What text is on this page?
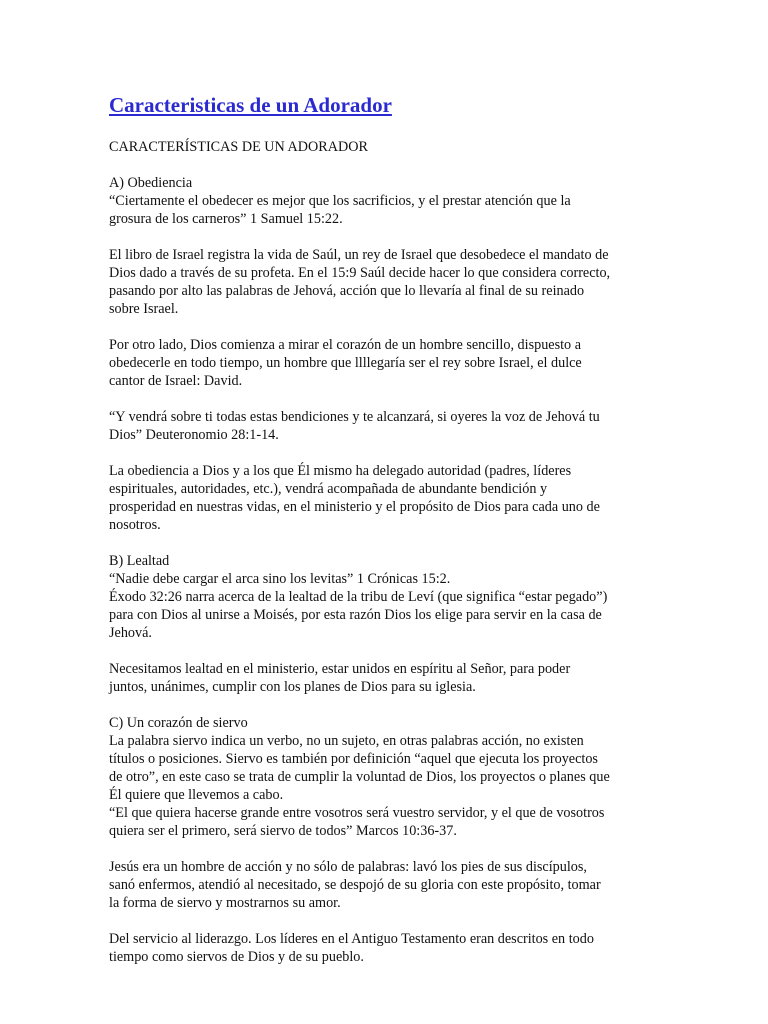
Caracteristicas de un Adorador
CARACTERÍSTICAS DE UN ADORADOR
A) Obediencia
“Ciertamente el obedecer es mejor que los sacrificios, y el prestar atención que la
grosura de los carneros” 1 Samuel 15:22.
El libro de Israel registra la vida de Saúl, un rey de Israel que desobedece el mandato de
Dios dado a través de su profeta. En el 15:9 Saúl decide hacer lo que considera correcto,
pasando por alto las palabras de Jehová, acción que lo llevaría al final de su reinado
sobre Israel.
Por otro lado, Dios comienza a mirar el corazón de un hombre sencillo, dispuesto a
obedecerle en todo tiempo, un hombre que llllegaría ser el rey sobre Israel, el dulce
cantor de Israel: David.
“Y vendrá sobre ti todas estas bendiciones y te alcanzará, si oyeres la voz de Jehová tu
Dios” Deuteronomio 28:1-14.
La obediencia a Dios y a los que Él mismo ha delegado autoridad (padres, líderes
espirituales, autoridades, etc.), vendrá acompañada de abundante bendición y
prosperidad en nuestras vidas, en el ministerio y el propósito de Dios para cada uno de
nosotros.
B) Lealtad
“Nadie debe cargar el arca sino los levitas” 1 Crónicas 15:2.
Éxodo 32:26 narra acerca de la lealtad de la tribu de Leví (que significa “estar pegado”)
para con Dios al unirse a Moisés, por esta razón Dios los elige para servir en la casa de
Jehová.
Necesitamos lealtad en el ministerio, estar unidos en espíritu al Señor, para poder
juntos, unánimes, cumplir con los planes de Dios para su iglesia.
C) Un corazón de siervo
La palabra siervo indica un verbo, no un sujeto, en otras palabras acción, no existen
títulos o posiciones. Siervo es también por definición “aquel que ejecuta los proyectos
de otro”, en este caso se trata de cumplir la voluntad de Dios, los proyectos o planes que
Él quiere que llevemos a cabo.
“El que quiera hacerse grande entre vosotros será vuestro servidor, y el que de vosotros
quiera ser el primero, será siervo de todos” Marcos 10:36-37.
Jesús era un hombre de acción y no sólo de palabras: lavó los pies de sus discípulos,
sanó enfermos, atendió al necesitado, se despojó de su gloria con este propósito, tomar
la forma de siervo y mostrarnos su amor.
Del servicio al liderazgo. Los líderes en el Antiguo Testamento eran descritos en todo
tiempo como siervos de Dios y de su pueblo.
